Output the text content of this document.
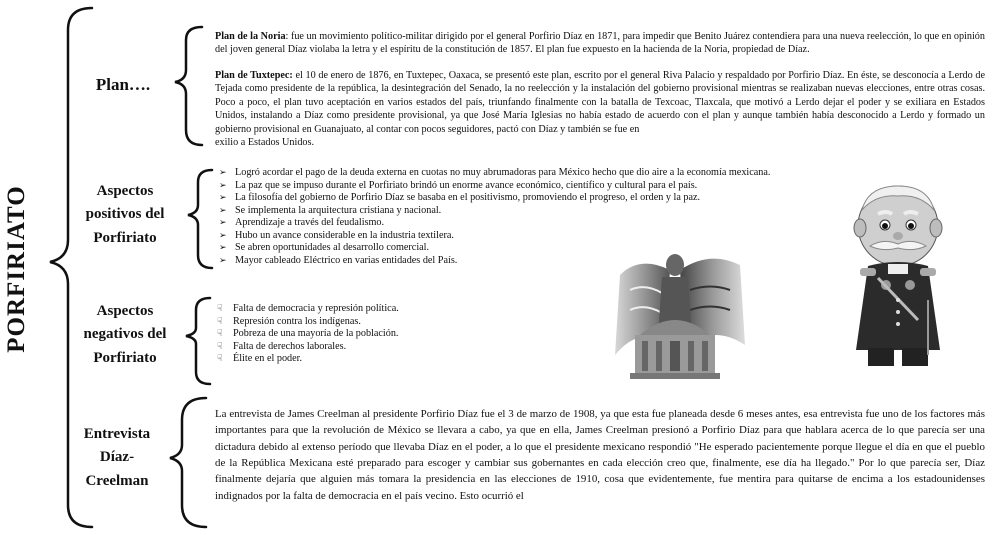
PORFIRIATO
Plan….
Aspectos
positivos del
Porfiriato
Aspectos
negativos del
Porfiriato
Entrevista
Díaz-
Creelman
Plan de la Noria: fue un movimiento político-militar dirigido por el general Porfirio Díaz en 1871, para impedir que Benito Juárez contendiera para una nueva reelección, lo que en opinión del joven general Díaz violaba la letra y el espíritu de la constitución de 1857. El plan fue expuesto en la hacienda de la Noria, propiedad de Díaz.
Plan de Tuxtepec: el 10 de enero de 1876, en Tuxtepec, Oaxaca, se presentó este plan, escrito por el general Riva Palacio y respaldado por Porfirio Díaz. En éste, se desconocía a Lerdo de Tejada como presidente de la república, la desintegración del Senado, la no reelección y la instalación del gobierno provisional mientras se realizaban nuevas elecciones, entre otras cosas. Poco a poco, el plan tuvo aceptación en varios estados del país, triunfando finalmente con la batalla de Texcoac, Tlaxcala, que motivó a Lerdo dejar el poder y se exiliara en Estados Unidos, instalando a Díaz como presidente provisional, ya que José María Iglesias no había estado de acuerdo con el plan y aunque también había desconocido a Lerdo y formado un gobierno provisional en Guanajuato, al contar con pocos seguidores, pactó con Díaz y también se fue en
exilio a Estados Unidos.
➢ Logró acordar el pago de la deuda externa en cuotas no muy abrumadoras para México hecho que dio aire a la economía mexicana.
➢ La paz que se impuso durante el Porfiriato brindó un enorme avance económico, científico y cultural para el país.
➢ La filosofía del gobierno de Porfirio Díaz se basaba en el positivismo, promoviendo el progreso, el orden y la paz.
➢ Se implementa la arquitectura cristiana y nacional.
➢ Aprendizaje a través del feudalismo.
➢ Hubo un avance considerable en la industria textilera.
➢ Se abren oportunidades al desarrollo comercial.
➢ Mayor cableado Eléctrico en varias entidades del País.
☟ Falta de democracia y represión política.
☟ Represión contra los indígenas.
☟ Pobreza de una mayoría de la población.
☟ Falta de derechos laborales.
☟ Élite en el poder.
La entrevista de James Creelman al presidente Porfirio Díaz fue el 3 de marzo de 1908, ya que esta fue planeada desde 6 meses antes, esa entrevista fue uno de los factores más importantes para que la revolución de México se llevara a cabo, ya que en ella, James Creelman presionó a Porfirio Díaz para que hablara acerca de lo que parecía ser una dictadura debido al extenso período que llevaba Díaz en el poder, a lo que el presidente mexicano respondió "He esperado pacientemente porque llegue el día en que el pueblo de la República Mexicana esté preparado para escoger y cambiar sus gobernantes en cada elección creo que, finalmente, ese día ha llegado." Por lo que parecía ser, Díaz finalmente dejaría que alguien más tomara la presidencia en las elecciones de 1910, cosa que evidentemente, fue mentira para quitarse de encima a los estadounidenses indignados por la falta de democracia en el país vecino. Esto ocurrió el
